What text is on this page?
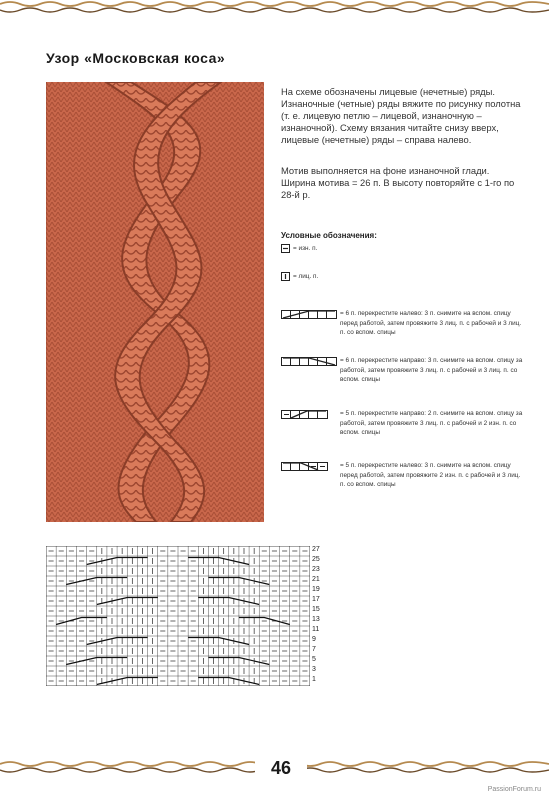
Узор «Московская коса»
На схеме обозначены лицевые (нечетные) ряды. Изнаночные (четные) ряды вяжите по рисунку полотна (т. е. лицевую петлю – лицевой, изнаночную – изнаночной). Схему вязания читайте снизу вверх, лицевые (нечетные) ряды – справа налево.
Мотив выполняется на фоне изнаночной глади. Ширина мотива = 26 п. В высоту повторяйте с 1-го по 28-й р.
Условные обозначения:
= изн. п.
= лиц. п.
= 6 п. перекрестите налево: 3 п. снимите на вспом. спицу перед работой, затем провяжите 3 лиц. п. с рабочей и 3 лиц. п. со вспом. спицы
= 6 п. перекрестите направо: 3 п. снимите на вспом. спицу за работой, затем провяжите 3 лиц. п. с рабочей и 3 лиц. п. со вспом. спицы
= 5 п. перекрестите направо: 2 п. снимите на вспом. спицу за работой, затем провяжите 3 лиц. п. с рабочей и 2 изн. п. со вспом. спицы
= 5 п. перекрестите налево: 3 п. снимите на вспом. спицу перед работой, затем провяжите 2 изн. п. с рабочей и 3 лиц. п. со вспом. спицы
27
25
23
21
19
17
15
13
11
9
7
5
3
1
46
PassionForum.ru
